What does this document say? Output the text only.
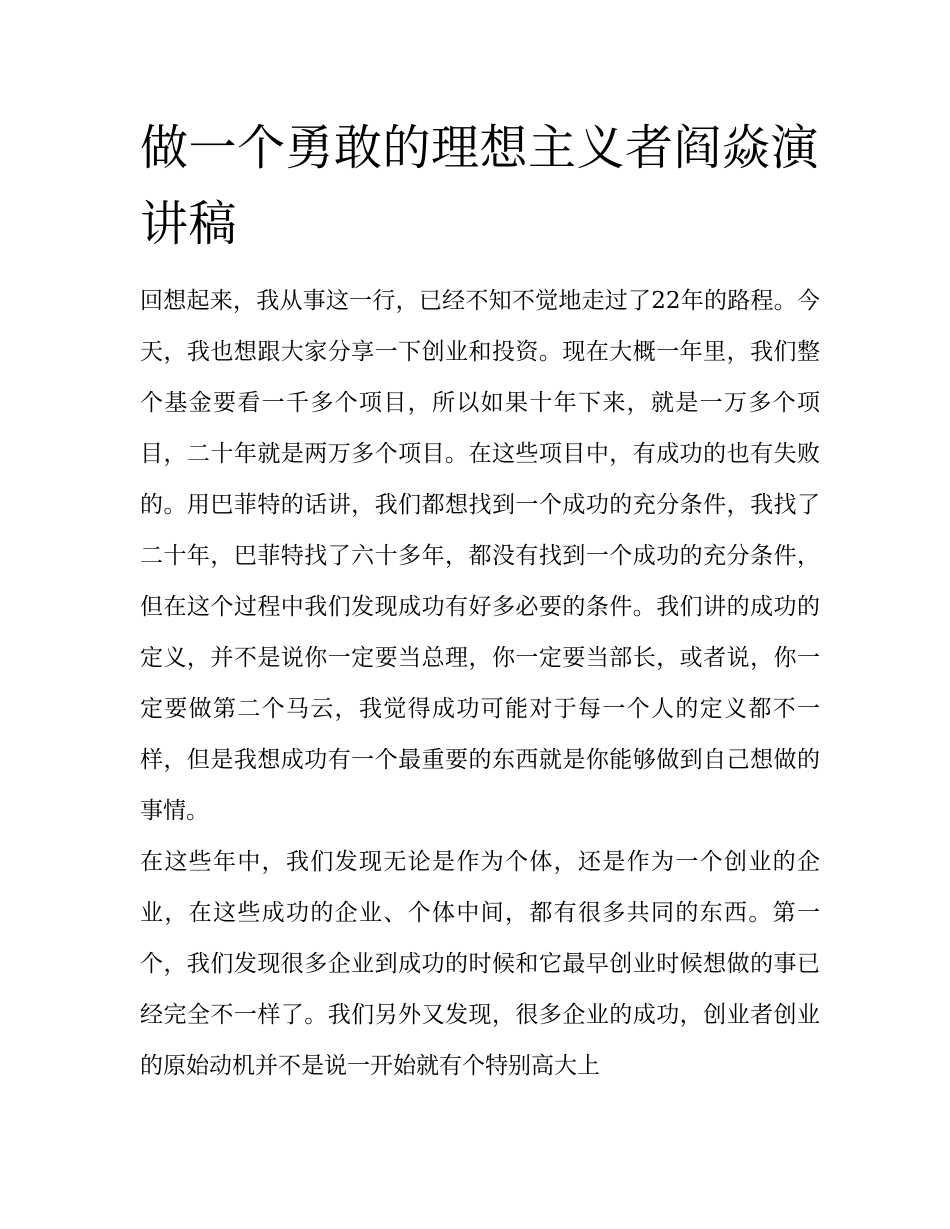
做一个勇敢的理想主义者阎焱演讲稿

回想起来，我从事这一行，已经不知不觉地走过了22年的路程。今天，我也想跟大家分享一下创业和投资。现在大概一年里，我们整个基金要看一千多个项目，所以如果十年下来，就是一万多个项目，二十年就是两万多个项目。在这些项目中，有成功的也有失败的。用巴菲特的话讲，我们都想找到一个成功的充分条件，我找了二十年，巴菲特找了六十多年，都没有找到一个成功的充分条件，但在这个过程中我们发现成功有好多必要的条件。我们讲的成功的定义，并不是说你一定要当总理，你一定要当部长，或者说，你一定要做第二个马云，我觉得成功可能对于每一个人的定义都不一样，但是我想成功有一个最重要的东西就是你能够做到自己想做的事情。

在这些年中，我们发现无论是作为个体，还是作为一个创业的企业，在这些成功的企业、个体中间，都有很多共同的东西。第一个，我们发现很多企业到成功的时候和它最早创业时候想做的事已经完全不一样了。我们另外又发现，很多企业的成功，创业者创业的原始动机并不是说一开始就有个特别高大上
